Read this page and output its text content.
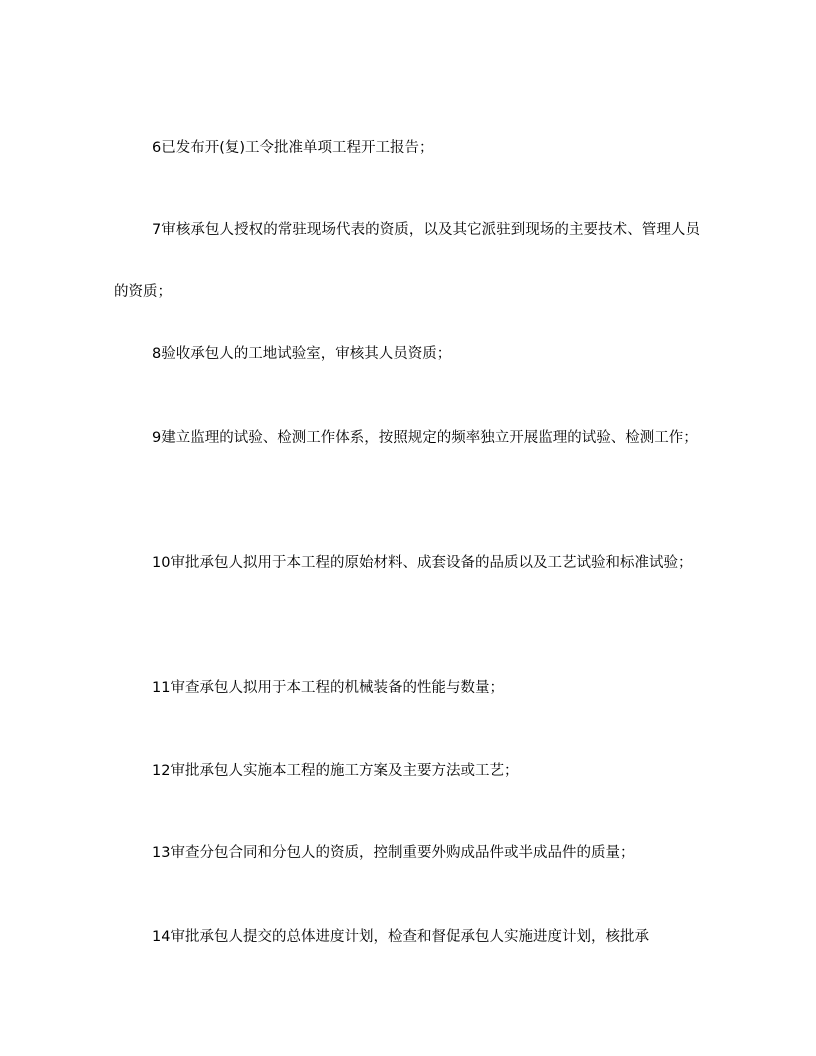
6已发布开(复)工令批准单项工程开工报告；

7审核承包人授权的常驻现场代表的资质，以及其它派驻到现场的主要技术、管理人员的资质；

8验收承包人的工地试验室，审核其人员资质；

9建立监理的试验、检测工作体系，按照规定的频率独立开展监理的试验、检测工作；

10审批承包人拟用于本工程的原始材料、成套设备的品质以及工艺试验和标准试验；

11审查承包人拟用于本工程的机械装备的性能与数量；

12审批承包人实施本工程的施工方案及主要方法或工艺；

13审查分包合同和分包人的资质，控制重要外购成品件或半成品件的质量；

14审批承包人提交的总体进度计划，检查和督促承包人实施进度计划，核批承
